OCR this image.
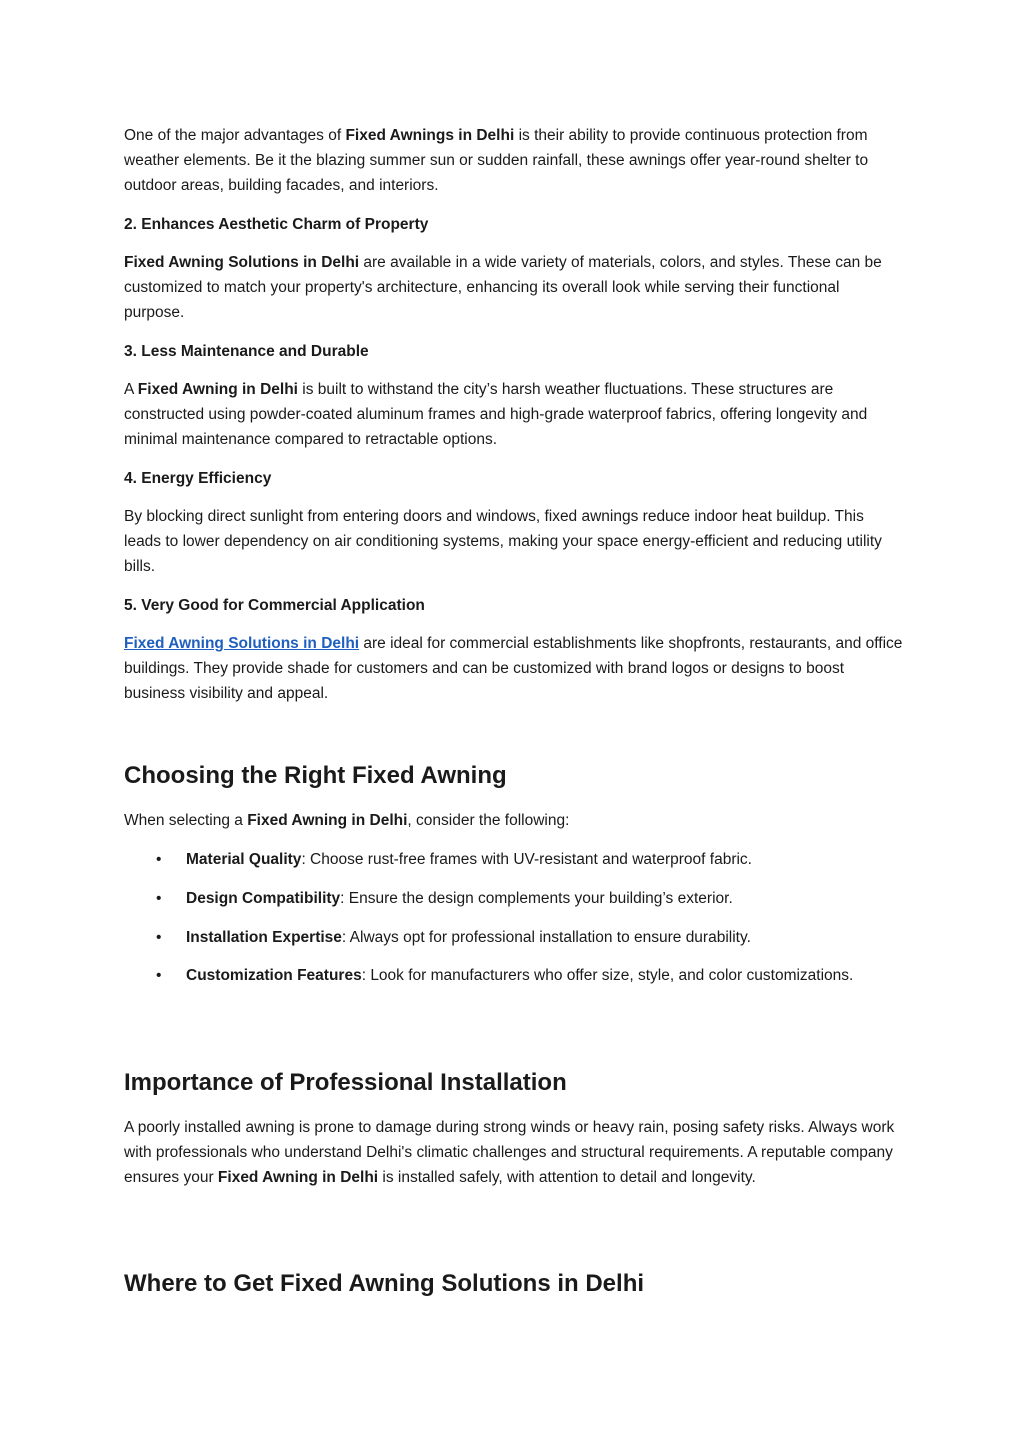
One of the major advantages of Fixed Awnings in Delhi is their ability to provide continuous protection from weather elements. Be it the blazing summer sun or sudden rainfall, these awnings offer year-round shelter to outdoor areas, building facades, and interiors.

2. Enhances Aesthetic Charm of Property

Fixed Awning Solutions in Delhi are available in a wide variety of materials, colors, and styles. These can be customized to match your property's architecture, enhancing its overall look while serving their functional purpose.

3. Less Maintenance and Durable

A Fixed Awning in Delhi is built to withstand the city’s harsh weather fluctuations. These structures are constructed using powder-coated aluminum frames and high-grade waterproof fabrics, offering longevity and minimal maintenance compared to retractable options.

4. Energy Efficiency

By blocking direct sunlight from entering doors and windows, fixed awnings reduce indoor heat buildup. This leads to lower dependency on air conditioning systems, making your space energy-efficient and reducing utility bills.

5. Very Good for Commercial Application

Fixed Awning Solutions in Delhi are ideal for commercial establishments like shopfronts, restaurants, and office buildings. They provide shade for customers and can be customized with brand logos or designs to boost business visibility and appeal.

Choosing the Right Fixed Awning

When selecting a Fixed Awning in Delhi, consider the following:

• Material Quality: Choose rust-free frames with UV-resistant and waterproof fabric.
• Design Compatibility: Ensure the design complements your building’s exterior.
• Installation Expertise: Always opt for professional installation to ensure durability.
• Customization Features: Look for manufacturers who offer size, style, and color customizations.
Importance of Professional Installation

A poorly installed awning is prone to damage during strong winds or heavy rain, posing safety risks. Always work with professionals who understand Delhi's climatic challenges and structural requirements. A reputable company ensures your Fixed Awning in Delhi is installed safely, with attention to detail and longevity.

Where to Get Fixed Awning Solutions in Delhi
